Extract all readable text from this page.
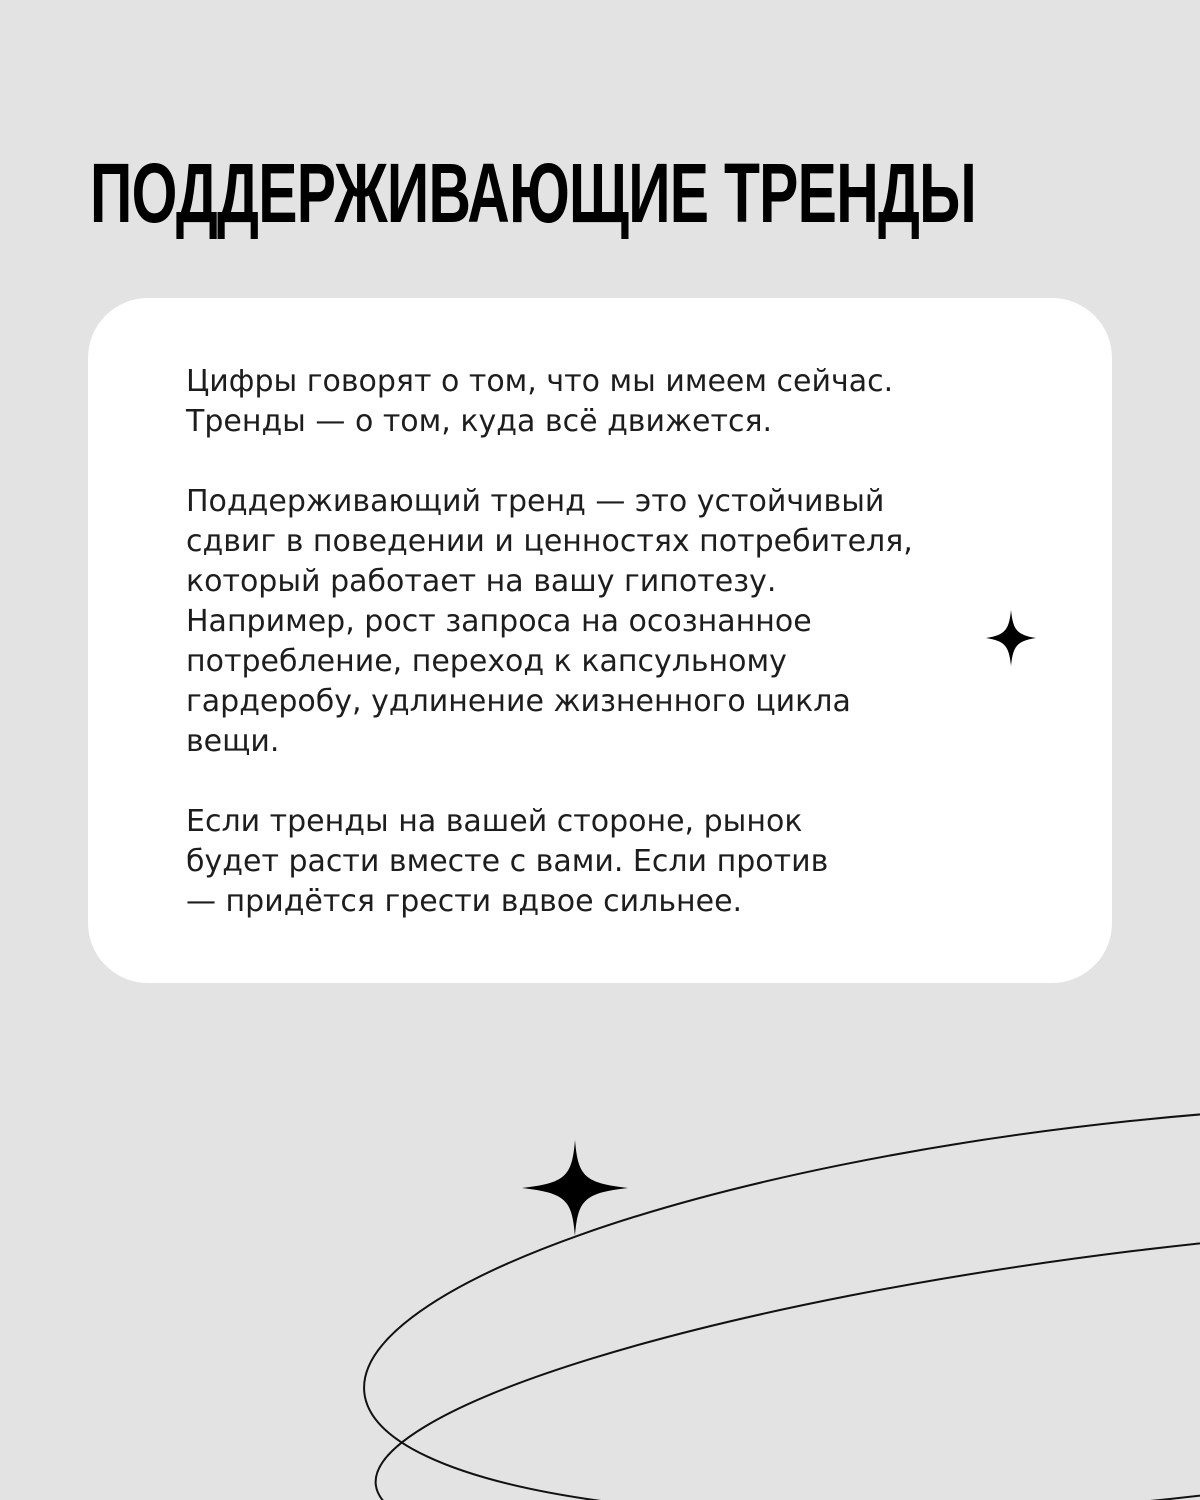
ПОДДЕРЖИВАЮЩИЕ ТРЕНДЫ

Цифры говорят о том, что мы имеем сейчас.
Тренды — о том, куда всё движется.

Поддерживающий тренд — это устойчивый
сдвиг в поведении и ценностях потребителя,
который работает на вашу гипотезу.
Например, рост запроса на осознанное
потребление, переход к капсульному
гардеробу, удлинение жизненного цикла
вещи.

Если тренды на вашей стороне, рынок
будет расти вместе с вами. Если против
— придётся грести вдвое сильнее.
